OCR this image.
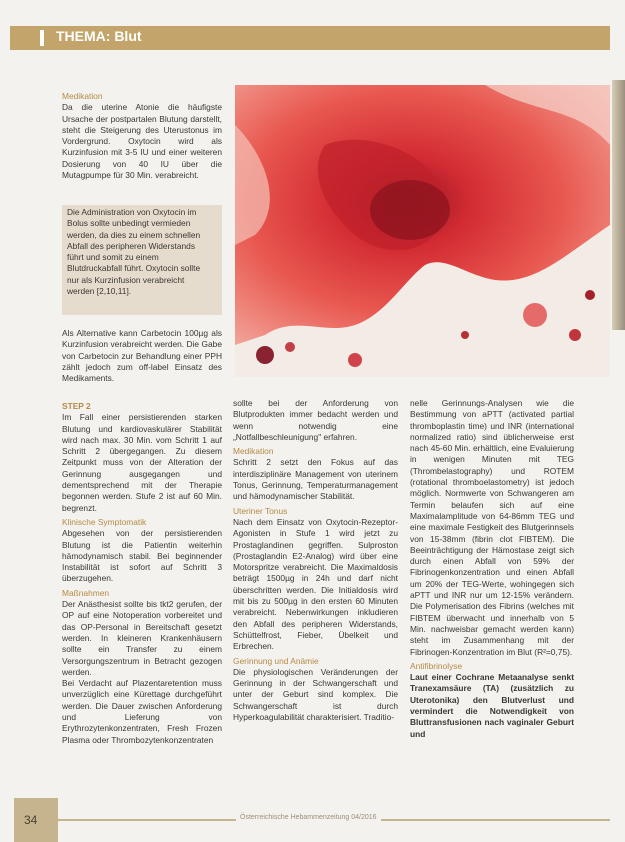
THEMA: Blut

Medikation

Da die uterine Atonie die häufigste Ursache der postpartalen Blutung darstellt, steht die Steigerung des Uterustonus im Vordergrund. Oxytocin wird als Kurzinfusion mit 3-5 IU und einer weiteren Dosierung von 40 IU über die Mutagpumpe für 30 Min. verabreicht.

Die Administration von Oxytocin im Bolus sollte unbedingt vermieden werden, da dies zu einem schnellen Abfall des peripheren Widerstands führt und somit zu einem Blutdruckabfall führt. Oxytocin sollte nur als Kurzinfusion verabreicht werden [2,10,11].

Als Alternative kann Carbetocin 100µg als Kurzinfusion verabreicht werden. Die Gabe von Carbetocin zur Behandlung einer PPH zählt jedoch zum off-label Einsatz des Medikaments.

STEP 2

Im Fall einer persistierenden starken Blutung und kardiovaskulärer Stabilität wird nach max. 30 Min. vom Schritt 1 auf Schritt 2 übergegangen. Zu diesem Zeitpunkt muss von der Alteration der Gerinnung ausgegangen und dementsprechend mit der Therapie begonnen werden. Stufe 2 ist auf 60 Min. begrenzt.

Klinische Symptomatik

Abgesehen von der persistierenden Blutung ist die Patientin weiterhin hämodynamisch stabil. Bei beginnender Instabilität ist sofort auf Schritt 3 überzugehen.

Maßnahmen

Der Anästhesist sollte bis tkt2 gerufen, der OP auf eine Notoperation vorbereitet und das OP-Personal in Bereitschaft gesetzt werden. In kleineren Krankenhäusern sollte ein Transfer zu einem Versorgungszentrum in Betracht gezogen werden.

Bei Verdacht auf Plazentaretention muss unverzüglich eine Kürettage durchgeführt werden. Die Dauer zwischen Anforderung und Lieferung von Erythrozytenkonzentraten, Fresh Frozen Plasma oder Thrombozytenkonzentraten

sollte bei der Anforderung von Blutprodukten immer bedacht werden und wenn notwendig eine „Notfallbeschleunigung" erfahren.

Medikation

Schritt 2 setzt den Fokus auf das interdisziplinäre Management von uterinem Tonus, Gerinnung, Temperaturmanagement und hämodynamischer Stabilität.

Uteriner Tonus

Nach dem Einsatz von Oxytocin-Rezeptor-Agonisten in Stufe 1 wird jetzt zu Prostaglandinen gegriffen. Sulproston (Prostaglandin E2-Analog) wird über eine Motorspritze verabreicht. Die Maximaldosis beträgt 1500µg in 24h und darf nicht überschritten werden. Die Initialdosis wird mit bis zu 500µg in den ersten 60 Minuten verabreicht. Nebenwirkungen inkludieren den Abfall des peripheren Widerstands, Schüttelfrost, Fieber, Übelkeit und Erbrechen.

Gerinnung und Anämie

Die physiologischen Veränderungen der Gerinnung in der Schwangerschaft und unter der Geburt sind komplex. Die Schwangerschaft ist durch Hyperkoagulabilität charakterisiert. Traditio-

nelle Gerinnungs-Analysen wie die Bestimmung von aPTT (activated partial thromboplastin time) und INR (international normalized ratio) sind üblicherweise erst nach 45-60 Min. erhältlich, eine Evaluierung in wenigen Minuten mit TEG (Thrombelastography) und ROTEM (rotational thromboelastometry) ist jedoch möglich. Normwerte von Schwangeren am Termin belaufen sich auf eine Maximalamplitude von 64-86mm TEG und eine maximale Festigkeit des Blutgerinnsels von 15-38mm (fibrin clot FIBTEM). Die Beeinträchtigung der Hämostase zeigt sich durch einen Abfall von 59% der Fibrinogenkonzentration und einen Abfall um 20% der TEG-Werte, wohingegen sich aPTT und INR nur um 12-15% verändern. Die Polymerisation des Fibrins (welches mit FIBTEM überwacht und innerhalb von 5 Min. nachweisbar gemacht werden kann) steht im Zusammenhang mit der Fibrinogen-Konzentration im Blut (R²=0,75).

Antifibrinolyse

Laut einer Cochrane Metaanalyse senkt Tranexamsäure (TA) (zusätzlich zu Uterotonika) den Blutverlust und vermindert die Notwendigkeit von Bluttransfusionen nach vaginaler Geburt und

34	Österreichische Hebammenzeitung 04/2016
